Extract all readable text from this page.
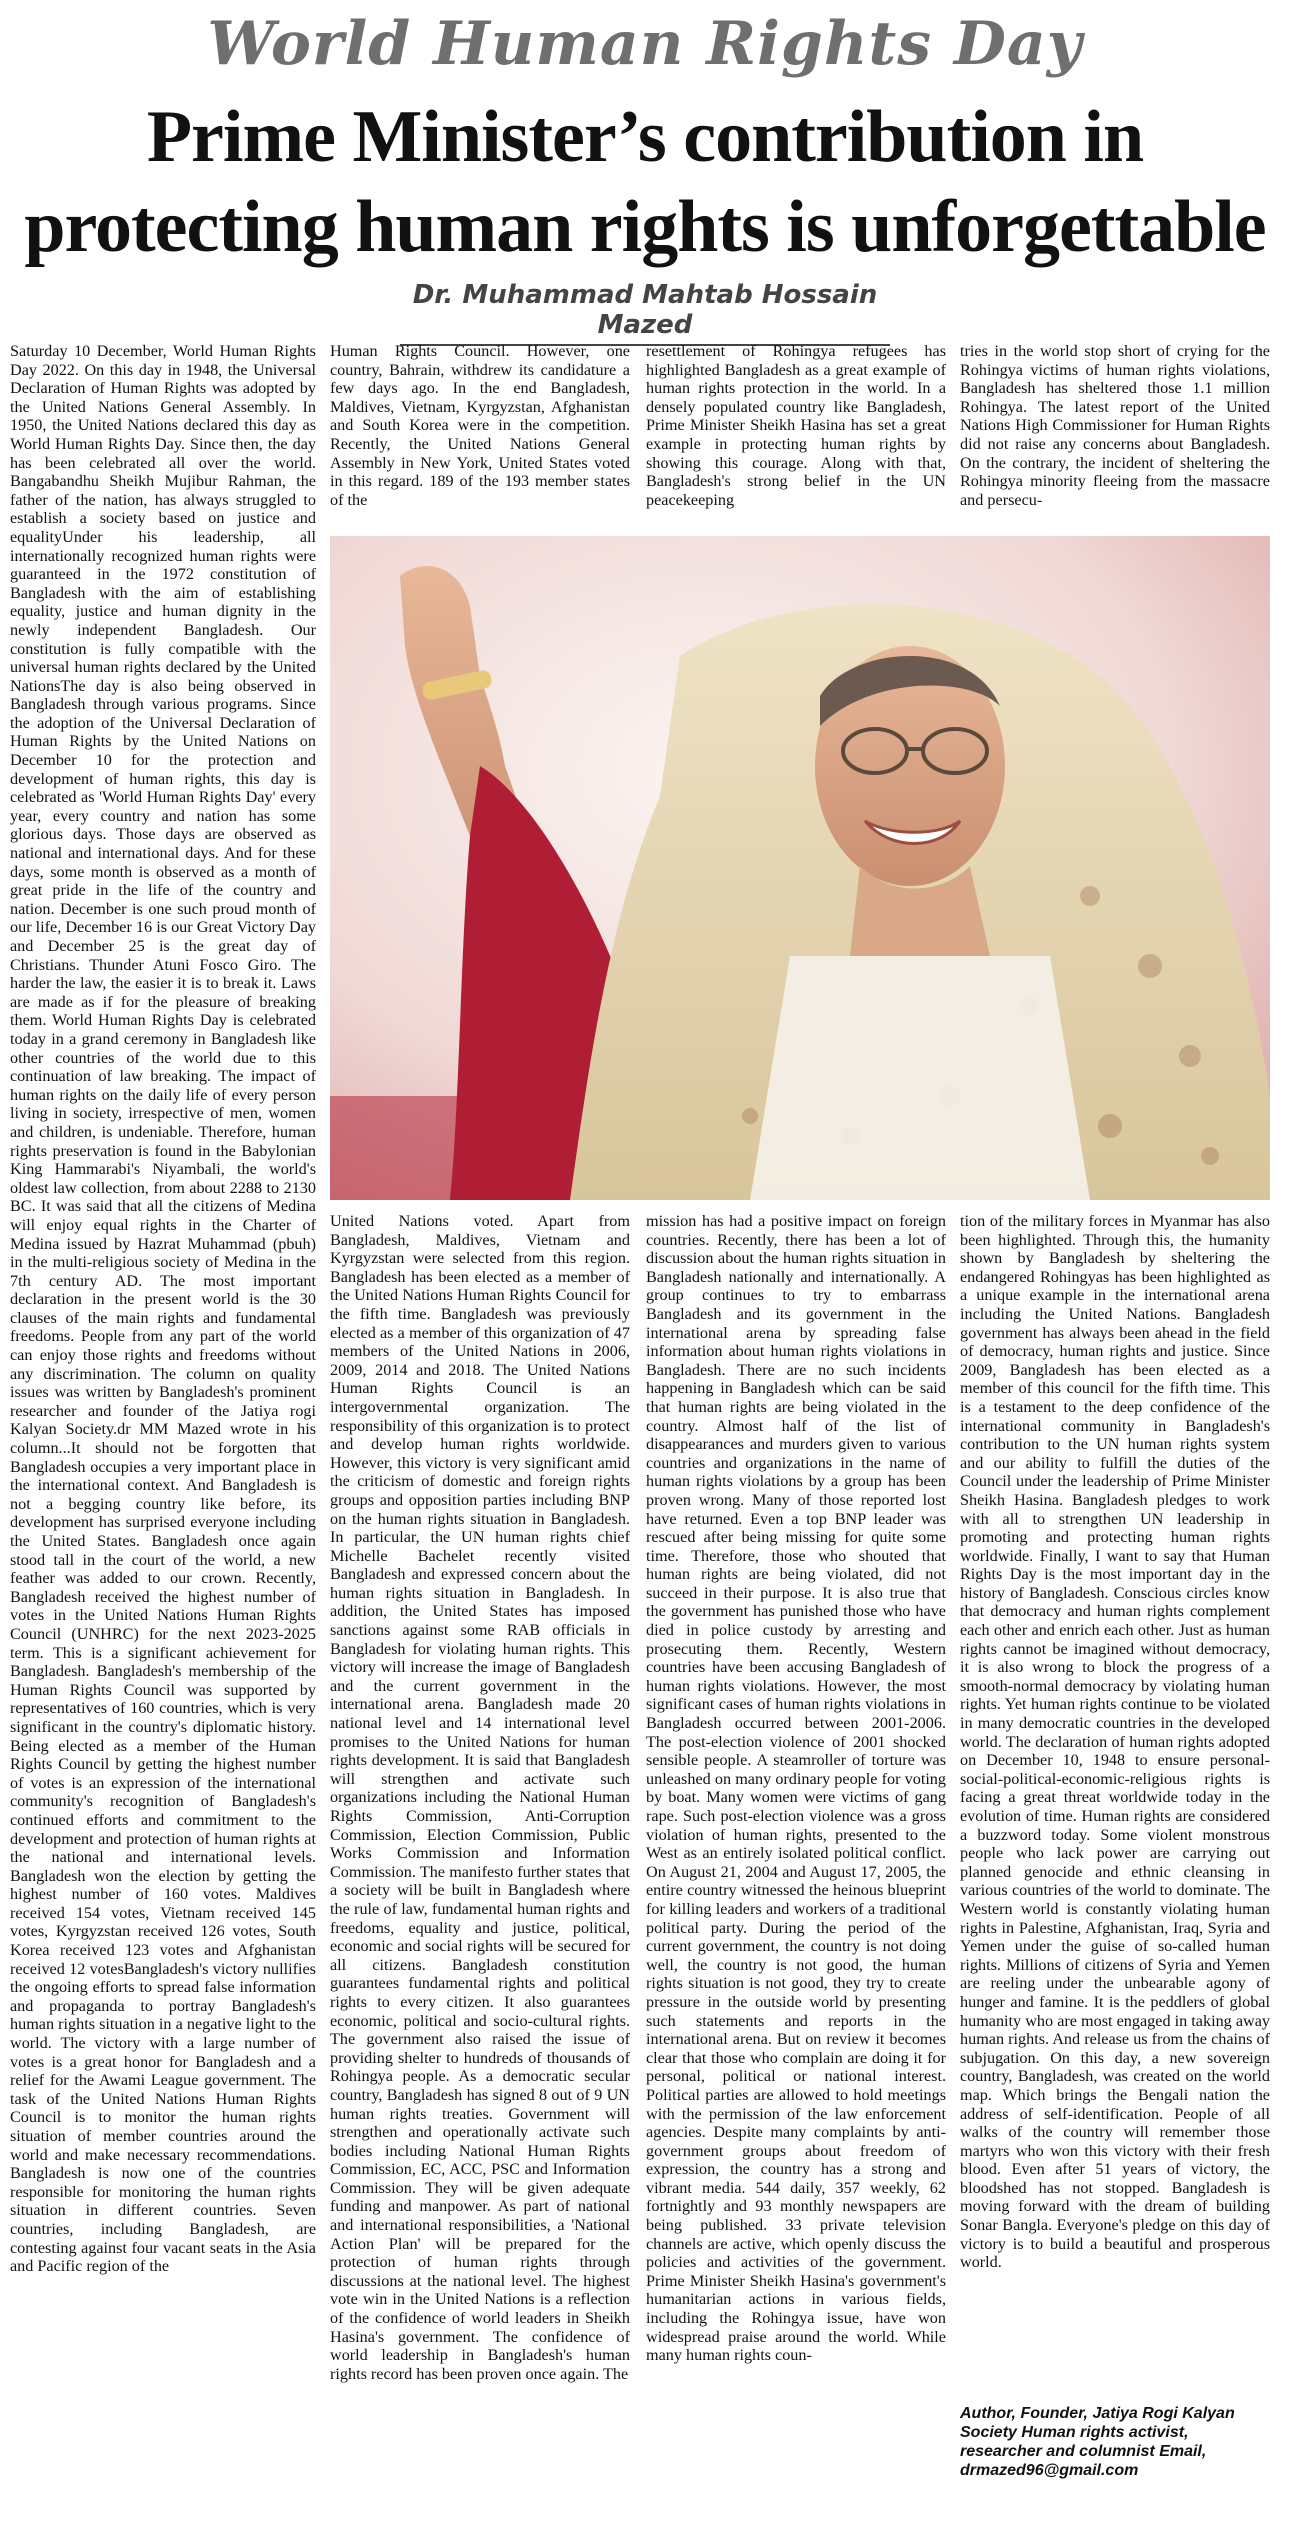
World Human Rights Day
Prime Minister’s contribution in protecting human rights is unforgettable
Dr. Muhammad Mahtab Hossain Mazed

Saturday 10 December, World Human Rights Day 2022. On this day in 1948, the Universal Declaration of Human Rights was adopted by the United Nations General Assembly. In 1950, the United Nations declared this day as World Human Rights Day. Since then, the day has been celebrated all over the world. Bangabandhu Sheikh Mujibur Rahman, the father of the nation, has always struggled to establish a society based on justice and equalityUnder his leadership, all internationally recognized human rights were guaranteed in the 1972 constitution of Bangladesh with the aim of establishing equality, justice and human dignity in the newly independent Bangladesh. Our constitution is fully compatible with the universal human rights declared by the United NationsThe day is also being observed in Bangladesh through various programs. Since the adoption of the Universal Declaration of Human Rights by the United Nations on December 10 for the protection and development of human rights, this day is celebrated as 'World Human Rights Day' every year, every country and nation has some glorious days. Those days are observed as national and international days. And for these days, some month is observed as a month of great pride in the life of the country and nation. December is one such proud month of our life, December 16 is our Great Victory Day and December 25 is the great day of Christians. Thunder Atuni Fosco Giro. The harder the law, the easier it is to break it. Laws are made as if for the pleasure of breaking them. World Human Rights Day is celebrated today in a grand ceremony in Bangladesh like other countries of the world due to this continuation of law breaking. The impact of human rights on the daily life of every person living in society, irrespective of men, women and children, is undeniable. Therefore, human rights preservation is found in the Babylonian King Hammarabi's Niyambali, the world's oldest law collection, from about 2288 to 2130 BC. It was said that all the citizens of Medina will enjoy equal rights in the Charter of Medina issued by Hazrat Muhammad (pbuh) in the multi-religious society of Medina in the 7th century AD. The most important declaration in the present world is the 30 clauses of the main rights and fundamental freedoms. People from any part of the world can enjoy those rights and freedoms without any discrimination. The column on quality issues was written by Bangladesh's prominent researcher and founder of the Jatiya rogi Kalyan Society.dr MM Mazed wrote in his column...It should not be forgotten that Bangladesh occupies a very important place in the international context. And Bangladesh is not a begging country like before, its development has surprised everyone including the United States. Bangladesh once again stood tall in the court of the world, a new feather was added to our crown. Recently, Bangladesh received the highest number of votes in the United Nations Human Rights Council (UNHRC) for the next 2023-2025 term. This is a significant achievement for Bangladesh. Bangladesh's membership of the Human Rights Council was supported by representatives of 160 countries, which is very significant in the country's diplomatic history. Being elected as a member of the Human Rights Council by getting the highest number of votes is an expression of the international community's recognition of Bangladesh's continued efforts and commitment to the development and protection of human rights at the national and international levels. Bangladesh won the election by getting the highest number of 160 votes. Maldives received 154 votes, Vietnam received 145 votes, Kyrgyzstan received 126 votes, South Korea received 123 votes and Afghanistan received 12 votesBangladesh's victory nullifies the ongoing efforts to spread false information and propaganda to portray Bangladesh's human rights situation in a negative light to the world. The victory with a large number of votes is a great honor for Bangladesh and a relief for the Awami League government. The task of the United Nations Human Rights Council is to monitor the human rights situation of member countries around the world and make necessary recommendations. Bangladesh is now one of the countries responsible for monitoring the human rights situation in different countries. Seven countries, including Bangladesh, are contesting against four vacant seats in the Asia and Pacific region of the

Human Rights Council. However, one country, Bahrain, withdrew its candidature a few days ago. In the end Bangladesh, Maldives, Vietnam, Kyrgyzstan, Afghanistan and South Korea were in the competition. Recently, the United Nations General Assembly in New York, United States voted in this regard. 189 of the 193 member states of the

resettlement of Rohingya refugees has highlighted Bangladesh as a great example of human rights protection in the world. In a densely populated country like Bangladesh, Prime Minister Sheikh Hasina has set a great example in protecting human rights by showing this courage. Along with that, Bangladesh's strong belief in the UN peacekeeping

tries in the world stop short of crying for the Rohingya victims of human rights violations, Bangladesh has sheltered those 1.1 million Rohingya. The latest report of the United Nations High Commissioner for Human Rights did not raise any concerns about Bangladesh. On the contrary, the incident of sheltering the Rohingya minority fleeing from the massacre and persecu-

United Nations voted. Apart from Bangladesh, Maldives, Vietnam and Kyrgyzstan were selected from this region. Bangladesh has been elected as a member of the United Nations Human Rights Council for the fifth time. Bangladesh was previously elected as a member of this organization of 47 members of the United Nations in 2006, 2009, 2014 and 2018. The United Nations Human Rights Council is an intergovernmental organization. The responsibility of this organization is to protect and develop human rights worldwide. However, this victory is very significant amid the criticism of domestic and foreign rights groups and opposition parties including BNP on the human rights situation in Bangladesh. In particular, the UN human rights chief Michelle Bachelet recently visited Bangladesh and expressed concern about the human rights situation in Bangladesh. In addition, the United States has imposed sanctions against some RAB officials in Bangladesh for violating human rights. This victory will increase the image of Bangladesh and the current government in the international arena. Bangladesh made 20 national level and 14 international level promises to the United Nations for human rights development. It is said that Bangladesh will strengthen and activate such organizations including the National Human Rights Commission, Anti-Corruption Commission, Election Commission, Public Works Commission and Information Commission. The manifesto further states that a society will be built in Bangladesh where the rule of law, fundamental human rights and freedoms, equality and justice, political, economic and social rights will be secured for all citizens. Bangladesh constitution guarantees fundamental rights and political rights to every citizen. It also guarantees economic, political and socio-cultural rights. The government also raised the issue of providing shelter to hundreds of thousands of Rohingya people. As a democratic secular country, Bangladesh has signed 8 out of 9 UN human rights treaties. Government will strengthen and operationally activate such bodies including National Human Rights Commission, EC, ACC, PSC and Information Commission. They will be given adequate funding and manpower. As part of national and international responsibilities, a 'National Action Plan' will be prepared for the protection of human rights through discussions at the national level. The highest vote win in the United Nations is a reflection of the confidence of world leaders in Sheikh Hasina's government. The confidence of world leadership in Bangladesh's human rights record has been proven once again. The

mission has had a positive impact on foreign countries. Recently, there has been a lot of discussion about the human rights situation in Bangladesh nationally and internationally. A group continues to try to embarrass Bangladesh and its government in the international arena by spreading false information about human rights violations in Bangladesh. There are no such incidents happening in Bangladesh which can be said that human rights are being violated in the country. Almost half of the list of disappearances and murders given to various countries and organizations in the name of human rights violations by a group has been proven wrong. Many of those reported lost have returned. Even a top BNP leader was rescued after being missing for quite some time. Therefore, those who shouted that human rights are being violated, did not succeed in their purpose. It is also true that the government has punished those who have died in police custody by arresting and prosecuting them. Recently, Western countries have been accusing Bangladesh of human rights violations. However, the most significant cases of human rights violations in Bangladesh occurred between 2001-2006. The post-election violence of 2001 shocked sensible people. A steamroller of torture was unleashed on many ordinary people for voting by boat. Many women were victims of gang rape. Such post-election violence was a gross violation of human rights, presented to the West as an entirely isolated political conflict. On August 21, 2004 and August 17, 2005, the entire country witnessed the heinous blueprint for killing leaders and workers of a traditional political party. During the period of the current government, the country is not doing well, the country is not good, the human rights situation is not good, they try to create pressure in the outside world by presenting such statements and reports in the international arena. But on review it becomes clear that those who complain are doing it for personal, political or national interest. Political parties are allowed to hold meetings with the permission of the law enforcement agencies. Despite many complaints by anti-government groups about freedom of expression, the country has a strong and vibrant media. 544 daily, 357 weekly, 62 fortnightly and 93 monthly newspapers are being published. 33 private television channels are active, which openly discuss the policies and activities of the government. Prime Minister Sheikh Hasina's government's humanitarian actions in various fields, including the Rohingya issue, have won widespread praise around the world. While many human rights coun-

tion of the military forces in Myanmar has also been highlighted. Through this, the humanity shown by Bangladesh by sheltering the endangered Rohingyas has been highlighted as a unique example in the international arena including the United Nations. Bangladesh government has always been ahead in the field of democracy, human rights and justice. Since 2009, Bangladesh has been elected as a member of this council for the fifth time. This is a testament to the deep confidence of the international community in Bangladesh's contribution to the UN human rights system and our ability to fulfill the duties of the Council under the leadership of Prime Minister Sheikh Hasina. Bangladesh pledges to work with all to strengthen UN leadership in promoting and protecting human rights worldwide. Finally, I want to say that Human Rights Day is the most important day in the history of Bangladesh. Conscious circles know that democracy and human rights complement each other and enrich each other. Just as human rights cannot be imagined without democracy, it is also wrong to block the progress of a smooth-normal democracy by violating human rights. Yet human rights continue to be violated in many democratic countries in the developed world. The declaration of human rights adopted on December 10, 1948 to ensure personal-social-political-economic-religious rights is facing a great threat worldwide today in the evolution of time. Human rights are considered a buzzword today. Some violent monstrous people who lack power are carrying out planned genocide and ethnic cleansing in various countries of the world to dominate. The Western world is constantly violating human rights in Palestine, Afghanistan, Iraq, Syria and Yemen under the guise of so-called human rights. Millions of citizens of Syria and Yemen are reeling under the unbearable agony of hunger and famine. It is the peddlers of global humanity who are most engaged in taking away human rights. And release us from the chains of subjugation. On this day, a new sovereign country, Bangladesh, was created on the world map. Which brings the Bengali nation the address of self-identification. People of all walks of the country will remember those martyrs who won this victory with their fresh blood. Even after 51 years of victory, the bloodshed has not stopped. Bangladesh is moving forward with the dream of building Sonar Bangla. Everyone's pledge on this day of victory is to build a beautiful and prosperous world.

Author, Founder, Jatiya Rogi Kalyan Society Human rights activist, researcher and columnist Email, drmazed96@gmail.com
